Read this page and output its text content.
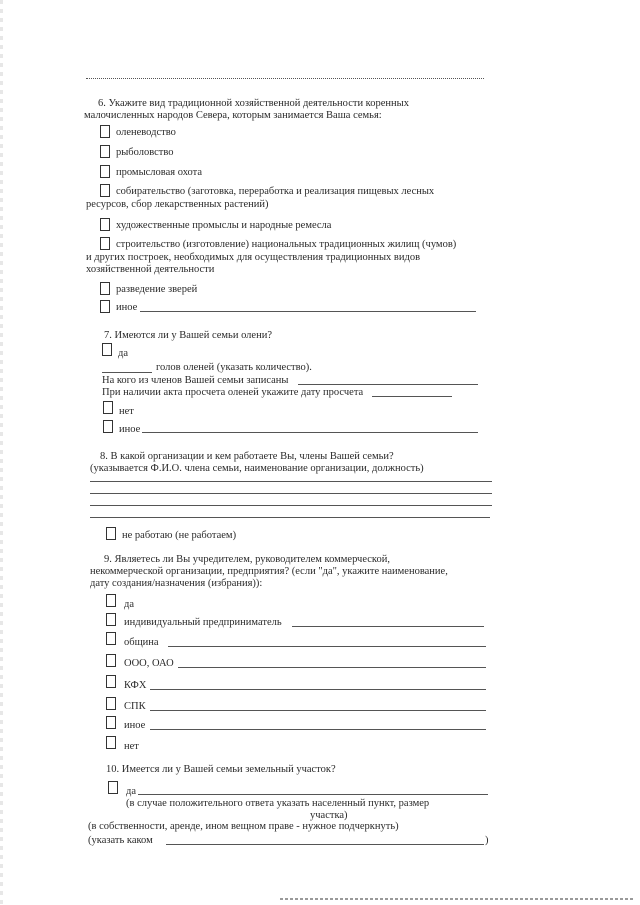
6. Укажите вид традиционной хозяйственной деятельности коренных
малочисленных народов Севера, которым занимается Ваша семья:
оленеводство
рыболовство
промысловая охота
собирательство (заготовка, переработка и реализация пищевых лесных
ресурсов, сбор лекарственных растений)
художественные промыслы и народные ремесла
строительство (изготовление) национальных традиционных жилищ (чумов)
и других построек, необходимых для осуществления традиционных видов
хозяйственной деятельности
разведение зверей
иное
7. Имеются ли у Вашей семьи олени?
да
голов оленей (указать количество).
На кого из членов Вашей семьи записаны
При наличии акта просчета оленей укажите дату просчета
нет
иное
8. В какой организации и кем работаете Вы, члены Вашей семьи?
(указывается Ф.И.О. члена семьи, наименование организации, должность)
не работаю (не работаем)
9. Являетесь ли Вы учредителем, руководителем коммерческой,
некоммерческой организации, предприятия? (если "да", укажите наименование,
дату создания/назначения (избрания)):
да
индивидуальный предприниматель
община
ООО, ОАО
КФХ
СПК
иное
нет
10. Имеется ли у Вашей семьи земельный участок?
да
(в случае положительного ответа указать населенный пункт, размер
участка)
(в собственности, аренде, ином вещном праве - нужное подчеркнуть)
(указать каком	)
